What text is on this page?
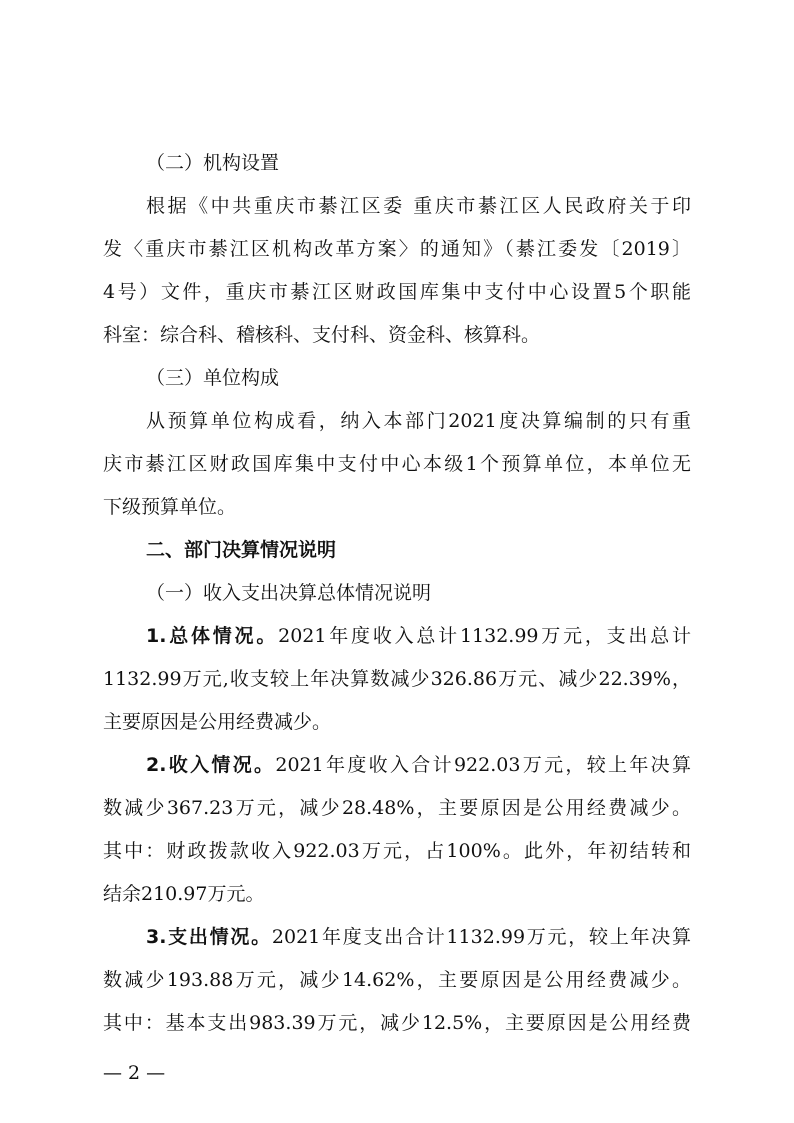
（二）机构设置

根据《中共重庆市綦江区委 重庆市綦江区人民政府关于印

发〈重庆市綦江区机构改革方案〉的通知》（綦江委发〔2019〕

4号）文件，重庆市綦江区财政国库集中支付中心设置5个职能

科室：综合科、稽核科、支付科、资金科、核算科。

（三）单位构成

从预算单位构成看，纳入本部门2021度决算编制的只有重

庆市綦江区财政国库集中支付中心本级1个预算单位，本单位无

下级预算单位。

二、部门决算情况说明

（一）收入支出决算总体情况说明

1.总体情况。2021年度收入总计1132.99万元，支出总计

1132.99万元,收支较上年决算数减少326.86万元、减少22.39%，

主要原因是公用经费减少。

2.收入情况。2021年度收入合计922.03万元，较上年决算

数减少367.23万元，减少28.48%，主要原因是公用经费减少。

其中：财政拨款收入922.03万元，占100%。此外，年初结转和

结余210.97万元。

3.支出情况。2021年度支出合计1132.99万元，较上年决算

数减少193.88万元，减少14.62%，主要原因是公用经费减少。

其中：基本支出983.39万元，减少12.5%，主要原因是公用经费

— 2 —
